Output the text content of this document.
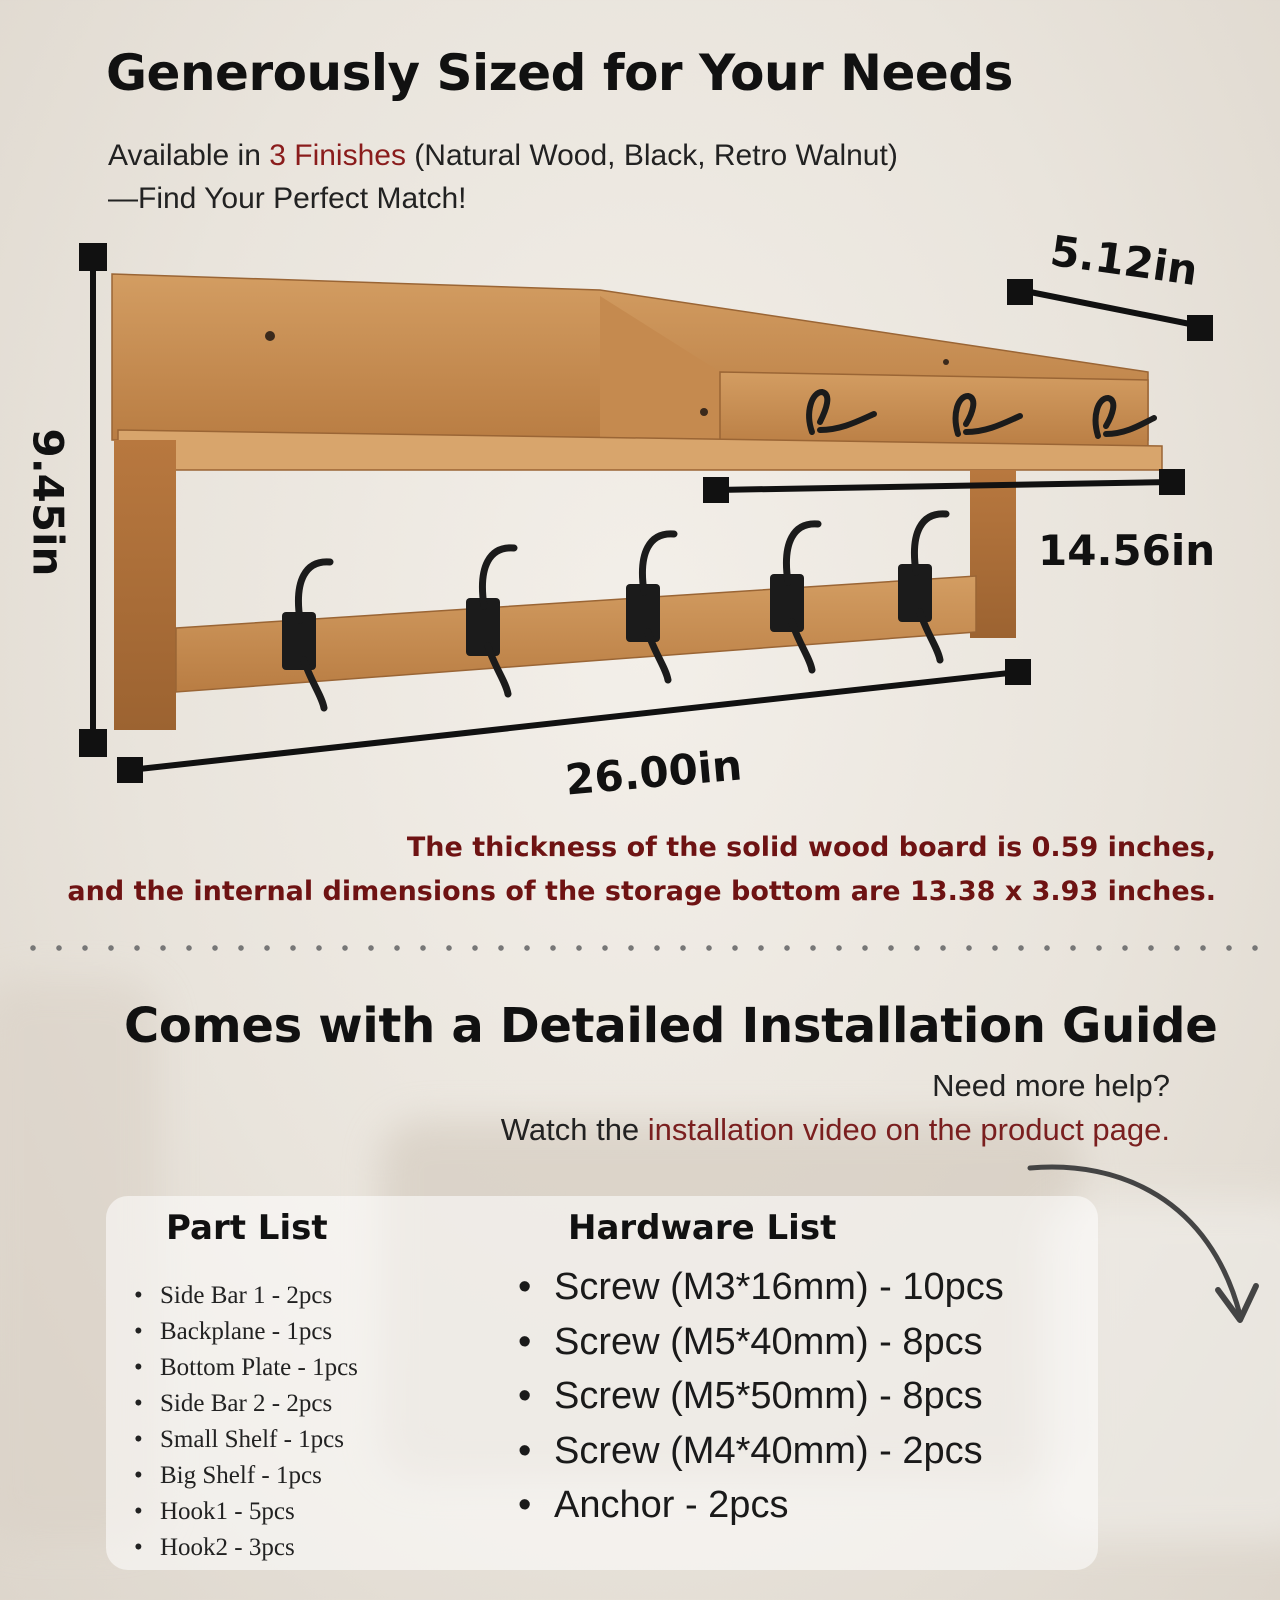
Generously Sized for Your Needs
Available in 3 Finishes (Natural Wood, Black, Retro Walnut)
—Find Your Perfect Match!
9.45in
5.12in
14.56in
26.00in
The thickness of the solid wood board is 0.59 inches,
and the internal dimensions of the storage bottom are 13.38 x 3.93 inches.
Comes with a Detailed Installation Guide
Need more help?
Watch the installation video on the product page.
Part List
• Side Bar 1 - 2pcs
• Backplane - 1pcs
• Bottom Plate - 1pcs
• Side Bar 2 - 2pcs
• Small Shelf - 1pcs
• Big Shelf - 1pcs
• Hook1 - 5pcs
• Hook2 - 3pcs
Hardware List
• Screw (M3*16mm) - 10pcs
• Screw (M5*40mm) - 8pcs
• Screw (M5*50mm) - 8pcs
• Screw (M4*40mm) - 2pcs
• Anchor - 2pcs
